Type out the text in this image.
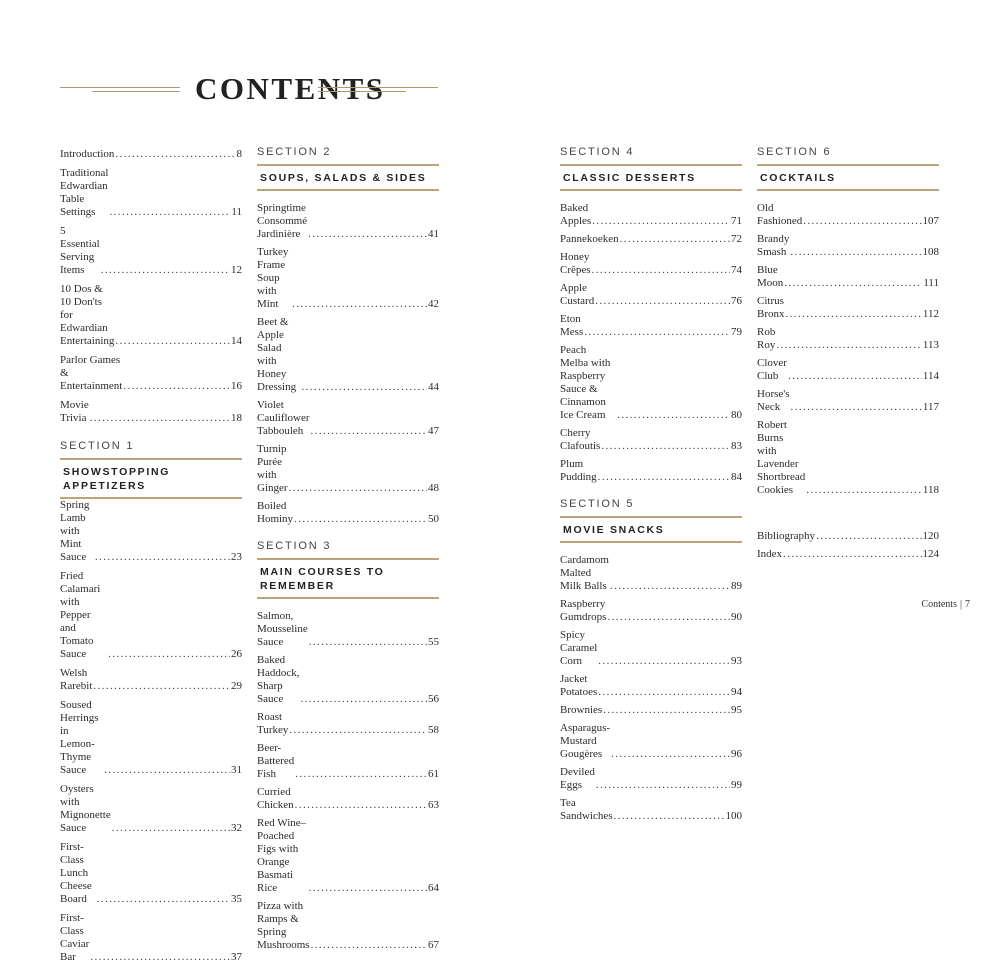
CONTENTS
Introduction .....	8
Traditional Edwardian Table Settings .....	11
5 Essential Serving Items .....	12
10 Dos & 10 Don'ts for Edwardian Entertaining .....	14
Parlor Games & Entertainment .....	16
Movie Trivia .....	18
SECTION 1
SHOWSTOPPING APPETIZERS
Spring Lamb with Mint Sauce .....	23
Fried Calamari with Pepper and Tomato Sauce .....	26
Welsh Rarebit .....	29
Soused Herrings in Lemon-Thyme Sauce .....	31
Oysters with Mignonette Sauce .....	32
First-Class Lunch Cheese Board .....	35
First-Class Caviar Bar .....	37
SECTION 2
SOUPS, SALADS & SIDES
Springtime Consommé Jardinière .....	41
Turkey Frame Soup with Mint .....	42
Beet & Apple Salad with Honey Dressing .....	44
Violet Cauliflower Tabbouleh .....	47
Turnip Purée with Ginger .....	48
Boiled Hominy .....	50
SECTION 3
MAIN COURSES TO REMEMBER
Salmon, Mousseline Sauce .....	55
Baked Haddock, Sharp Sauce .....	56
Roast Turkey .....	58
Beer-Battered Fish .....	61
Curried Chicken .....	63
Red Wine–Poached Figs with Orange Basmati Rice .....	64
Pizza with Ramps & Spring Mushrooms .....	67
SECTION 4
CLASSIC DESSERTS
Baked Apples .....	71
Pannekoeken .....	72
Honey Crêpes .....	74
Apple Custard .....	76
Eton Mess .....	79
Peach Melba with Raspberry Sauce & Cinnamon Ice Cream .....	80
Cherry Clafoutis .....	83
Plum Pudding .....	84
SECTION 5
MOVIE SNACKS
Cardamom Malted Milk Balls .....	89
Raspberry Gumdrops .....	90
Spicy Caramel Corn .....	93
Jacket Potatoes .....	94
Brownies .....	95
Asparagus-Mustard Gougères .....	96
Deviled Eggs .....	99
Tea Sandwiches .....	100
SECTION 6
COCKTAILS
Old Fashioned .....	107
Brandy Smash .....	108
Blue Moon .....	111
Citrus Bronx .....	112
Rob Roy .....	113
Clover Club .....	114
Horse's Neck .....	117
Robert Burns with Lavender Shortbread Cookies .....	118
Bibliography .....	120
Index .....	124
Contents | 7
